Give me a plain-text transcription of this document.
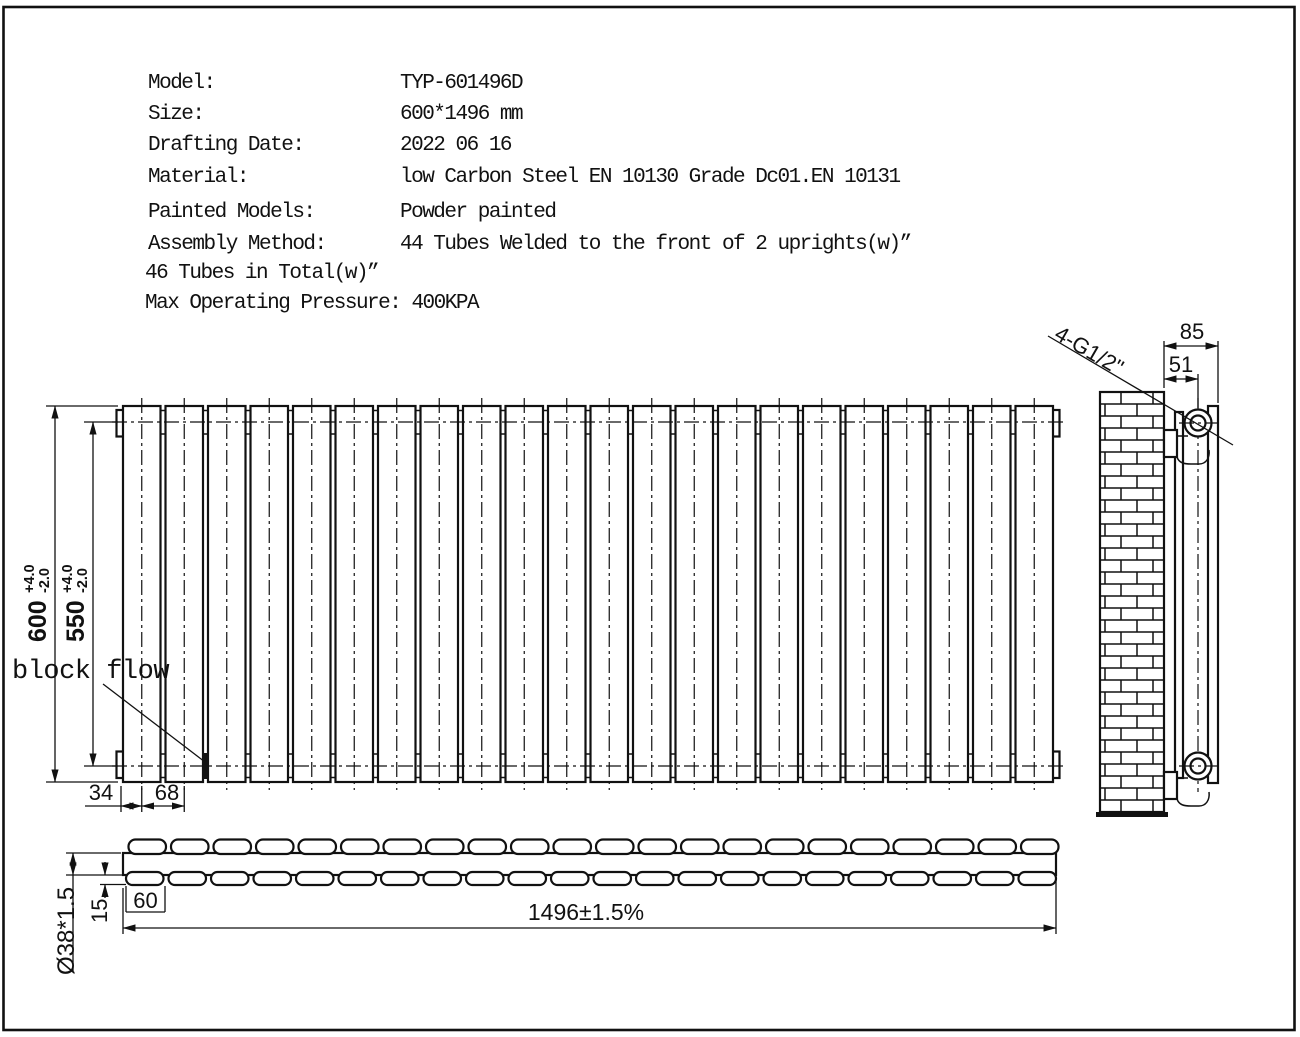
Model:	TYP-601496D
Size:	600*1496 mm
Drafting Date:	2022 06 16
Material:	low Carbon Steel EN 10130 Grade Dc01.EN 10131
Painted Models:	Powder painted
Assembly Method:	44 Tubes Welded to the front of 2 uprights(w)”
46 Tubes in Total(w)”
Max Operating Pressure: 400KPA
block flow
600
+4.0 -2.0
550
+4.0 -2.0
34 68
85
51
4-G1/2"
Ø38*1.5 15 60	1496±1.5%
